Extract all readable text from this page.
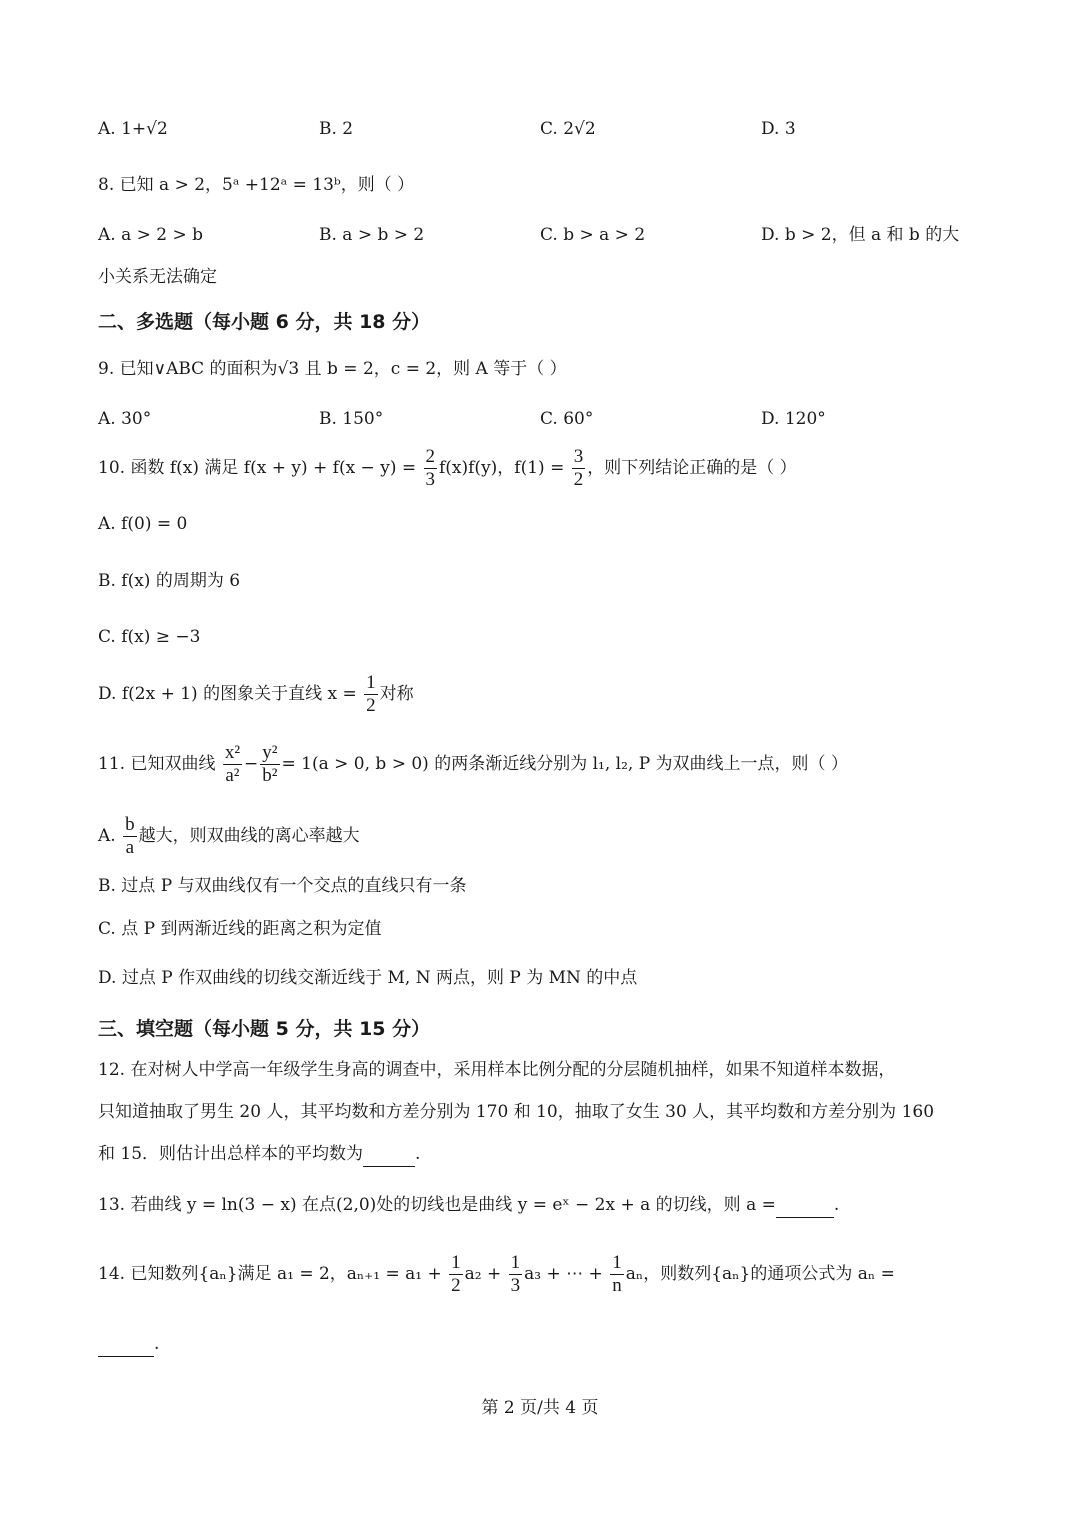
A. 1+√2	B. 2	C. 2√2	D. 3
8. 已知 a > 2，5ᵃ +12ᵃ = 13ᵇ，则（ ）
A. a > 2 > b	B. a > b > 2	C. b > a > 2	D. b > 2，但 a 和 b 的大
小关系无法确定
二、多选题（每小题 6 分，共 18 分）
9. 已知∨ABC 的面积为√3 且 b = 2，c = 2，则 A 等于（ ）
A. 30°	B. 150°	C. 60°	D. 120°
10. 函数 f(x) 满足 $f(x + y) + f(x - y) = \frac{2}{3} f(x)f(y)$，$f(1) = \frac{3}{2}$ ，则下列结论正确的是（ ）
A. f(0) = 0
B. f(x) 的周期为 6
C. f(x) ≥ −3
D. f(2x + 1) 的图象关于直线 $x = \frac{1}{2}$ 对称
11. 已知双曲线 $\frac{\text{x²}}{\text{a²}} - \frac{\text{y²}}{\text{b²}} = 1(a > 0$, b > 0) 的两条渐近线分别为 l₁, l₂, P 为双曲线上一点，则（ ）
A. $\frac{b}{a}$ 越大，则双曲线的离心率越大
B. 过点 P 与双曲线仅有一个交点的直线只有一条
C. 点 P 到两渐近线的距离之积为定值
D. 过点 P 作双曲线的切线交渐近线于 M, N 两点，则 P 为 MN 的中点
三、填空题（每小题 5 分，共 15 分）
12. 在对树人中学高一年级学生身高的调查中，采用样本比例分配的分层随机抽样，如果不知道样本数据，
只知道抽取了男生 20 人，其平均数和方差分别为 170 和 10，抽取了女生 30 人，其平均数和方差分别为 160
和 15．则估计出总样本的平均数为	.
13. 若曲线 y = ln(3 − x) 在点(2,0)处的切线也是曲线 y = eˣ − 2x + a 的切线，则 a =	.
14. 已知数列{aₙ}满足 a₁ = 2，$a_{n+1} = a_1 + \frac{1}{2} a_2 + \frac{1}{3} a_3$ + ⋯ + $\frac{1}{n}$ aₙ，则数列{aₙ}的通项公式为 aₙ =
.
第 2 页/共 4 页
